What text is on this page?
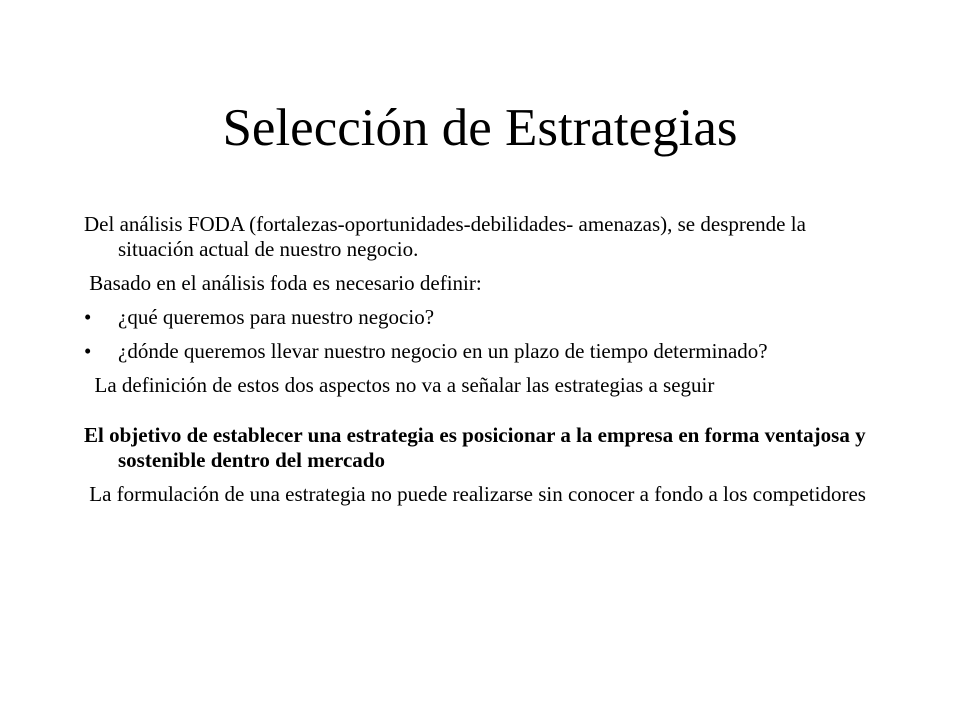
Selección de Estrategias

Del análisis FODA (fortalezas-oportunidades-debilidades- amenazas), se desprende la situación actual de nuestro negocio.

Basado en el análisis foda es necesario definir:

•	¿qué queremos para nuestro negocio?
•	¿dónde queremos llevar nuestro negocio en un plazo de tiempo determinado?

La definición de estos dos aspectos no va a señalar las estrategias a seguir

El objetivo de establecer una estrategia es posicionar a la empresa en forma ventajosa y sostenible dentro del mercado

La formulación de una estrategia no puede realizarse sin conocer a fondo a los competidores
